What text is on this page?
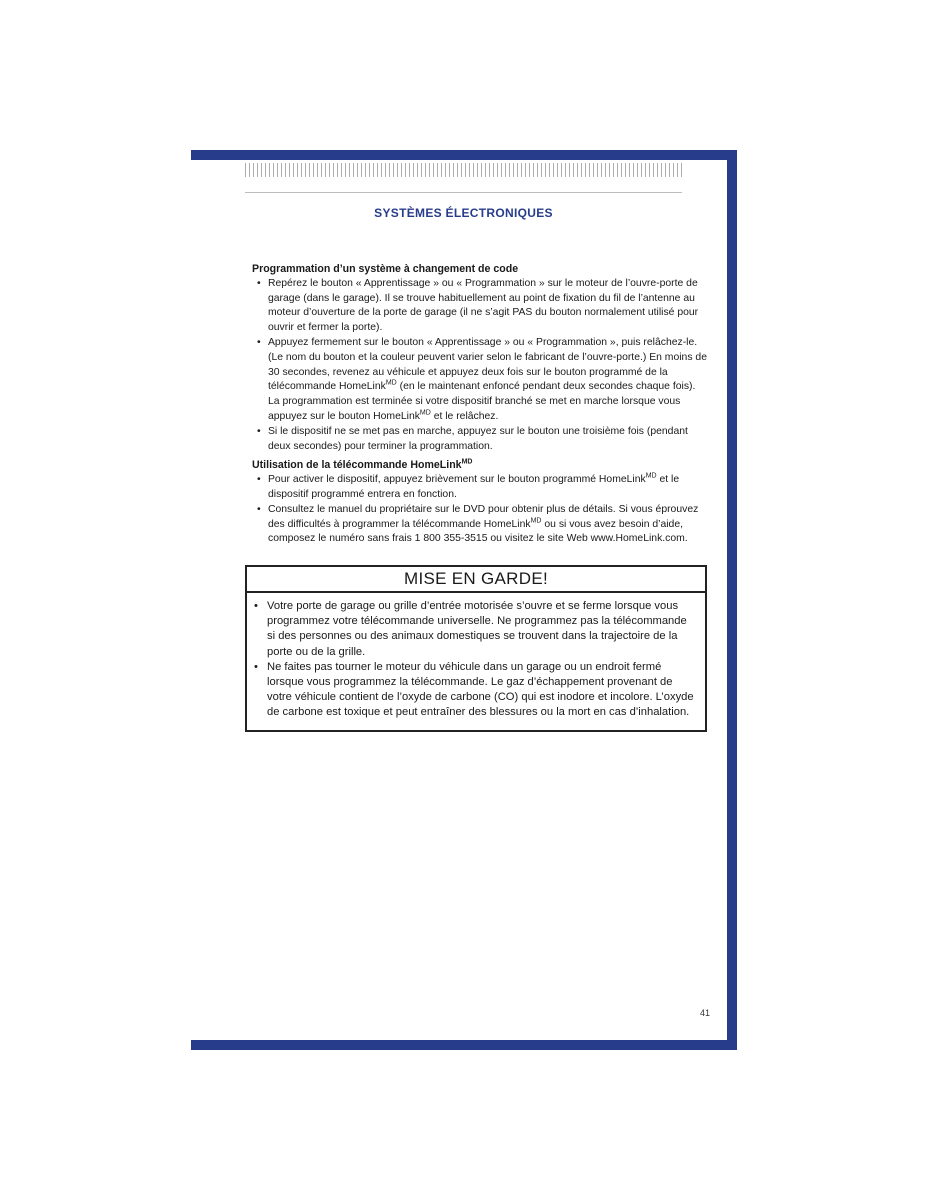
SYSTÈMES ÉLECTRONIQUES
Programmation d’un système à changement de code
• Repérez le bouton « Apprentissage » ou « Programmation » sur le moteur de l’ouvre-porte de garage (dans le garage). Il se trouve habituellement au point de fixation du fil de l’antenne au moteur d’ouverture de la porte de garage (il ne s’agit PAS du bouton normalement utilisé pour ouvrir et fermer la porte).
• Appuyez fermement sur le bouton « Apprentissage » ou « Programmation », puis relâchez-le. (Le nom du bouton et la couleur peuvent varier selon le fabricant de l’ouvre-porte.) En moins de 30 secondes, revenez au véhicule et appuyez deux fois sur le bouton programmé de la télécommande HomeLink$^{MD}$ (en le maintenant enfoncé pendant deux secondes chaque fois). La programmation est terminée si votre dispositif branché se met en marche lorsque vous appuyez sur le bouton HomeLink$^{MD}$ et le relâchez.
• Si le dispositif ne se met pas en marche, appuyez sur le bouton une troisième fois (pendant deux secondes) pour terminer la programmation.
Utilisation de la télécommande HomeLink$^{MD}$
• Pour activer le dispositif, appuyez brièvement sur le bouton programmé HomeLink$^{MD}$ et le dispositif programmé entrera en fonction.
• Consultez le manuel du propriétaire sur le DVD pour obtenir plus de détails. Si vous éprouvez des difficultés à programmer la télécommande HomeLink$^{MD}$ ou si vous avez besoin d’aide, composez le numéro sans frais 1 800 355-3515 ou visitez le site Web www.HomeLink.com.
MISE EN GARDE!
• Votre porte de garage ou grille d’entrée motorisée s’ouvre et se ferme lorsque vous programmez votre télécommande universelle. Ne programmez pas la télécommande si des personnes ou des animaux domestiques se trouvent dans la trajectoire de la porte ou de la grille.
• Ne faites pas tourner le moteur du véhicule dans un garage ou un endroit fermé lorsque vous programmez la télécommande. Le gaz d’échappement provenant de votre véhicule contient de l’oxyde de carbone (CO) qui est inodore et incolore. L’oxyde de carbone est toxique et peut entraîner des blessures ou la mort en cas d’inhalation.
41
